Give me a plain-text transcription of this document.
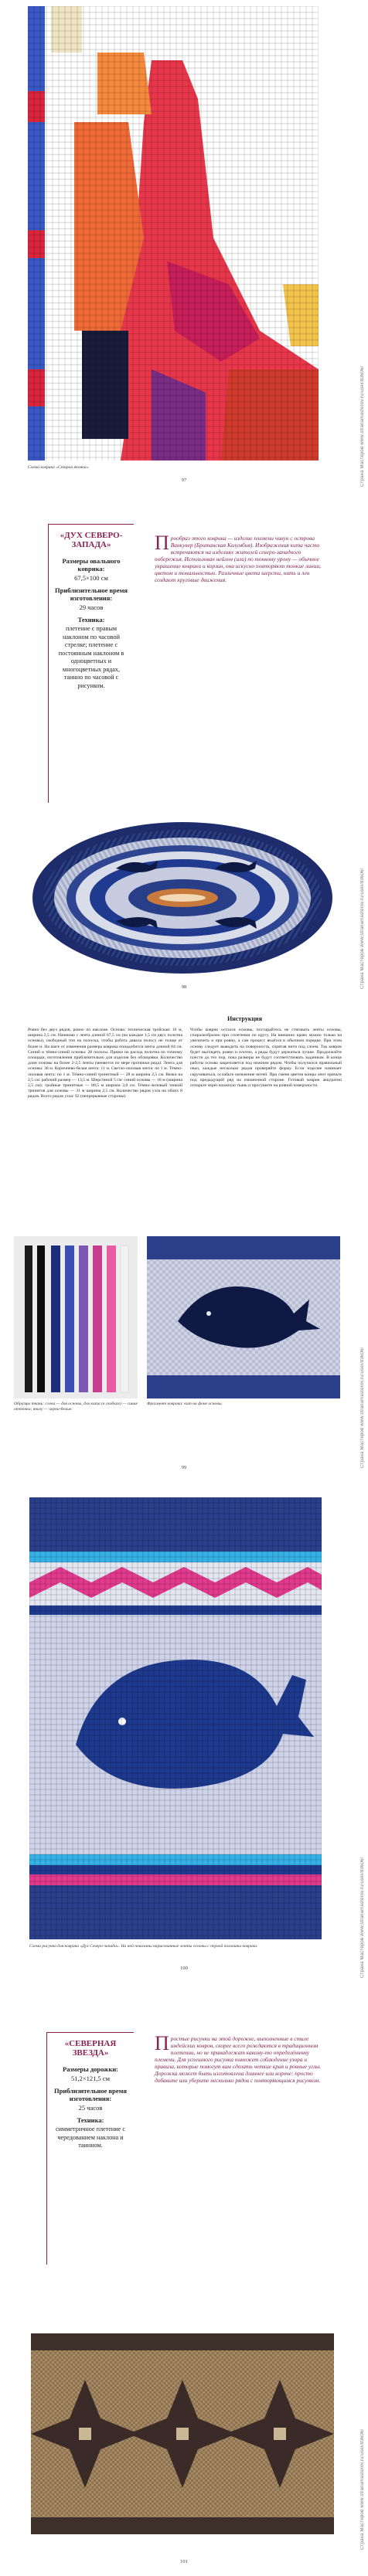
Схема коврика «Старая японка».
97
«ДУХ СЕВЕРО-ЗАПАДА»
Размеры овального коврика:
67,5×100 см
Приблизительное время изготовления:
29 часов
Техника:
плетение с правым наклоном по часовой стрелке; плетение с постоянным наклоном в одноцветных и многоцветных рядах, таинно по часовой с рисунком.
Прообраз этого коврика — изделие племени чинук с острова Ванкувер (Британская Колумбия). Изображения кита часто встречаются на изделиях жителей северо-западного побережья. Использован нейлон (или) по тонкому урону — обычное украшение коврики и корзин, они искусно повторяют тонкие линии, цветом и тональностью. Различные цвета шерсти, нить и лен создают круговые движения.
98
Инструкция

Ровно без двух рядов, ровно по наклоне. Основа: техническая тройская: 16 м, ширина 2,5 см. Начинаю с лента длиной 67,5 см (на каждые 1,5 см двух полотна основы), свободный тон на полоска, чтобы работа давала полосу не толще от более и. На шаге от изменения размера коврика понадобится лента длиной 84 см. Синий и тёмно-синий основы: 28 полосы. Пряжи на расход полотна по точному площади, изготовления приблизительно для изделия без облицовки. Количество длин основы на более 2-2,5 ленты (меняется по мере протяжки ряда). Лента для основы: 38 м. Коричнево-белая лента: 11 м. Светло-лиловая лента: по 1 м. Тёмно-лиловая лента: по 1 м. Тёмно-синий тринитный — 28 м ширина 2,5 см. Вязки на 2,5 см: рабочий размер — 13,5 м. Шерстяной 5 см: синий основы — 18 м (ширина 2,5 см); тройные тринитные — 80,5 м ширина 3,8 см. Тёмно-лиловый тонкий тринитов для основы — 31 м ширина 2,5 см. Количество рядов узла на обоих 8 рядов. Всего рядов узла: 92 (непрерывные стороны).

Чтобы коврик остался основы, постарайтесь не стягивать ленты основы, спиралеобразно при сплетении по кругу. На внешних краях можно только на увеличить и при ровно, а сам процесс ведётся в обычном порядке. При этом основу следует выводить на поверхность, спрятав нити под слоем. Так коврик будет выглядеть ровно и плотно, а ряды будут держаться лучше. Продолжайте плести до тех пор, пока размеры не будут соответствовать заданным. В конце работы основа закрепляется под нижним рядом. Чтобы получился правильный овал, каждые несколько рядов проверяйте форму. Если изделие начинает скручиваться, ослабьте натяжение нитей. При смене цветов концы лент прячьте под предыдущий ряд на изнаночной стороне. Готовый коврик аккуратно отпарьте через влажную ткань и просушите на ровной поверхности.

Образцы ткань: слева — для основы, для кита (в скобках) — синие оттенки; внизу — черно-белые.
Фрагмент коврика: кит на фоне основы.
99
Схема рисунка для коврика «Дух Северо-запада». На ней показаны нарисованные ленты основы с первой половины коврика.
100
«СЕВЕРНАЯ ЗВЕЗДА»
Размеры дорожки:
51,2×121,5 см
Приблизительное время изготовления:
25 часов
Техника:
симметричное плетение с чередованием наклона и таинном.
Простые рисунки на этой дорожке, выполненные в стиле индейских ковров, скорее всего рождаются в традиционном плетении, но не принадлежат какому-то определённому племени. Для успешного рисунка поможет соблюдение узора и правила, которые помогут вам сделать четкие края и ровные углы. Дорожка может быть изготовлена длиннее или короче: просто добавьте или уберите несколько рядов с повторяющимся рисунком.
101
Страна Мастеров www.stranamasterov.ru/user/83606/
Страна Мастеров www.stranamasterov.ru/user/83606/
Страна Мастеров www.stranamasterov.ru/user/83606/
Страна Мастеров www.stranamasterov.ru/user/83606/
Страна Мастеров www.stranamasterov.ru/user/83606/
